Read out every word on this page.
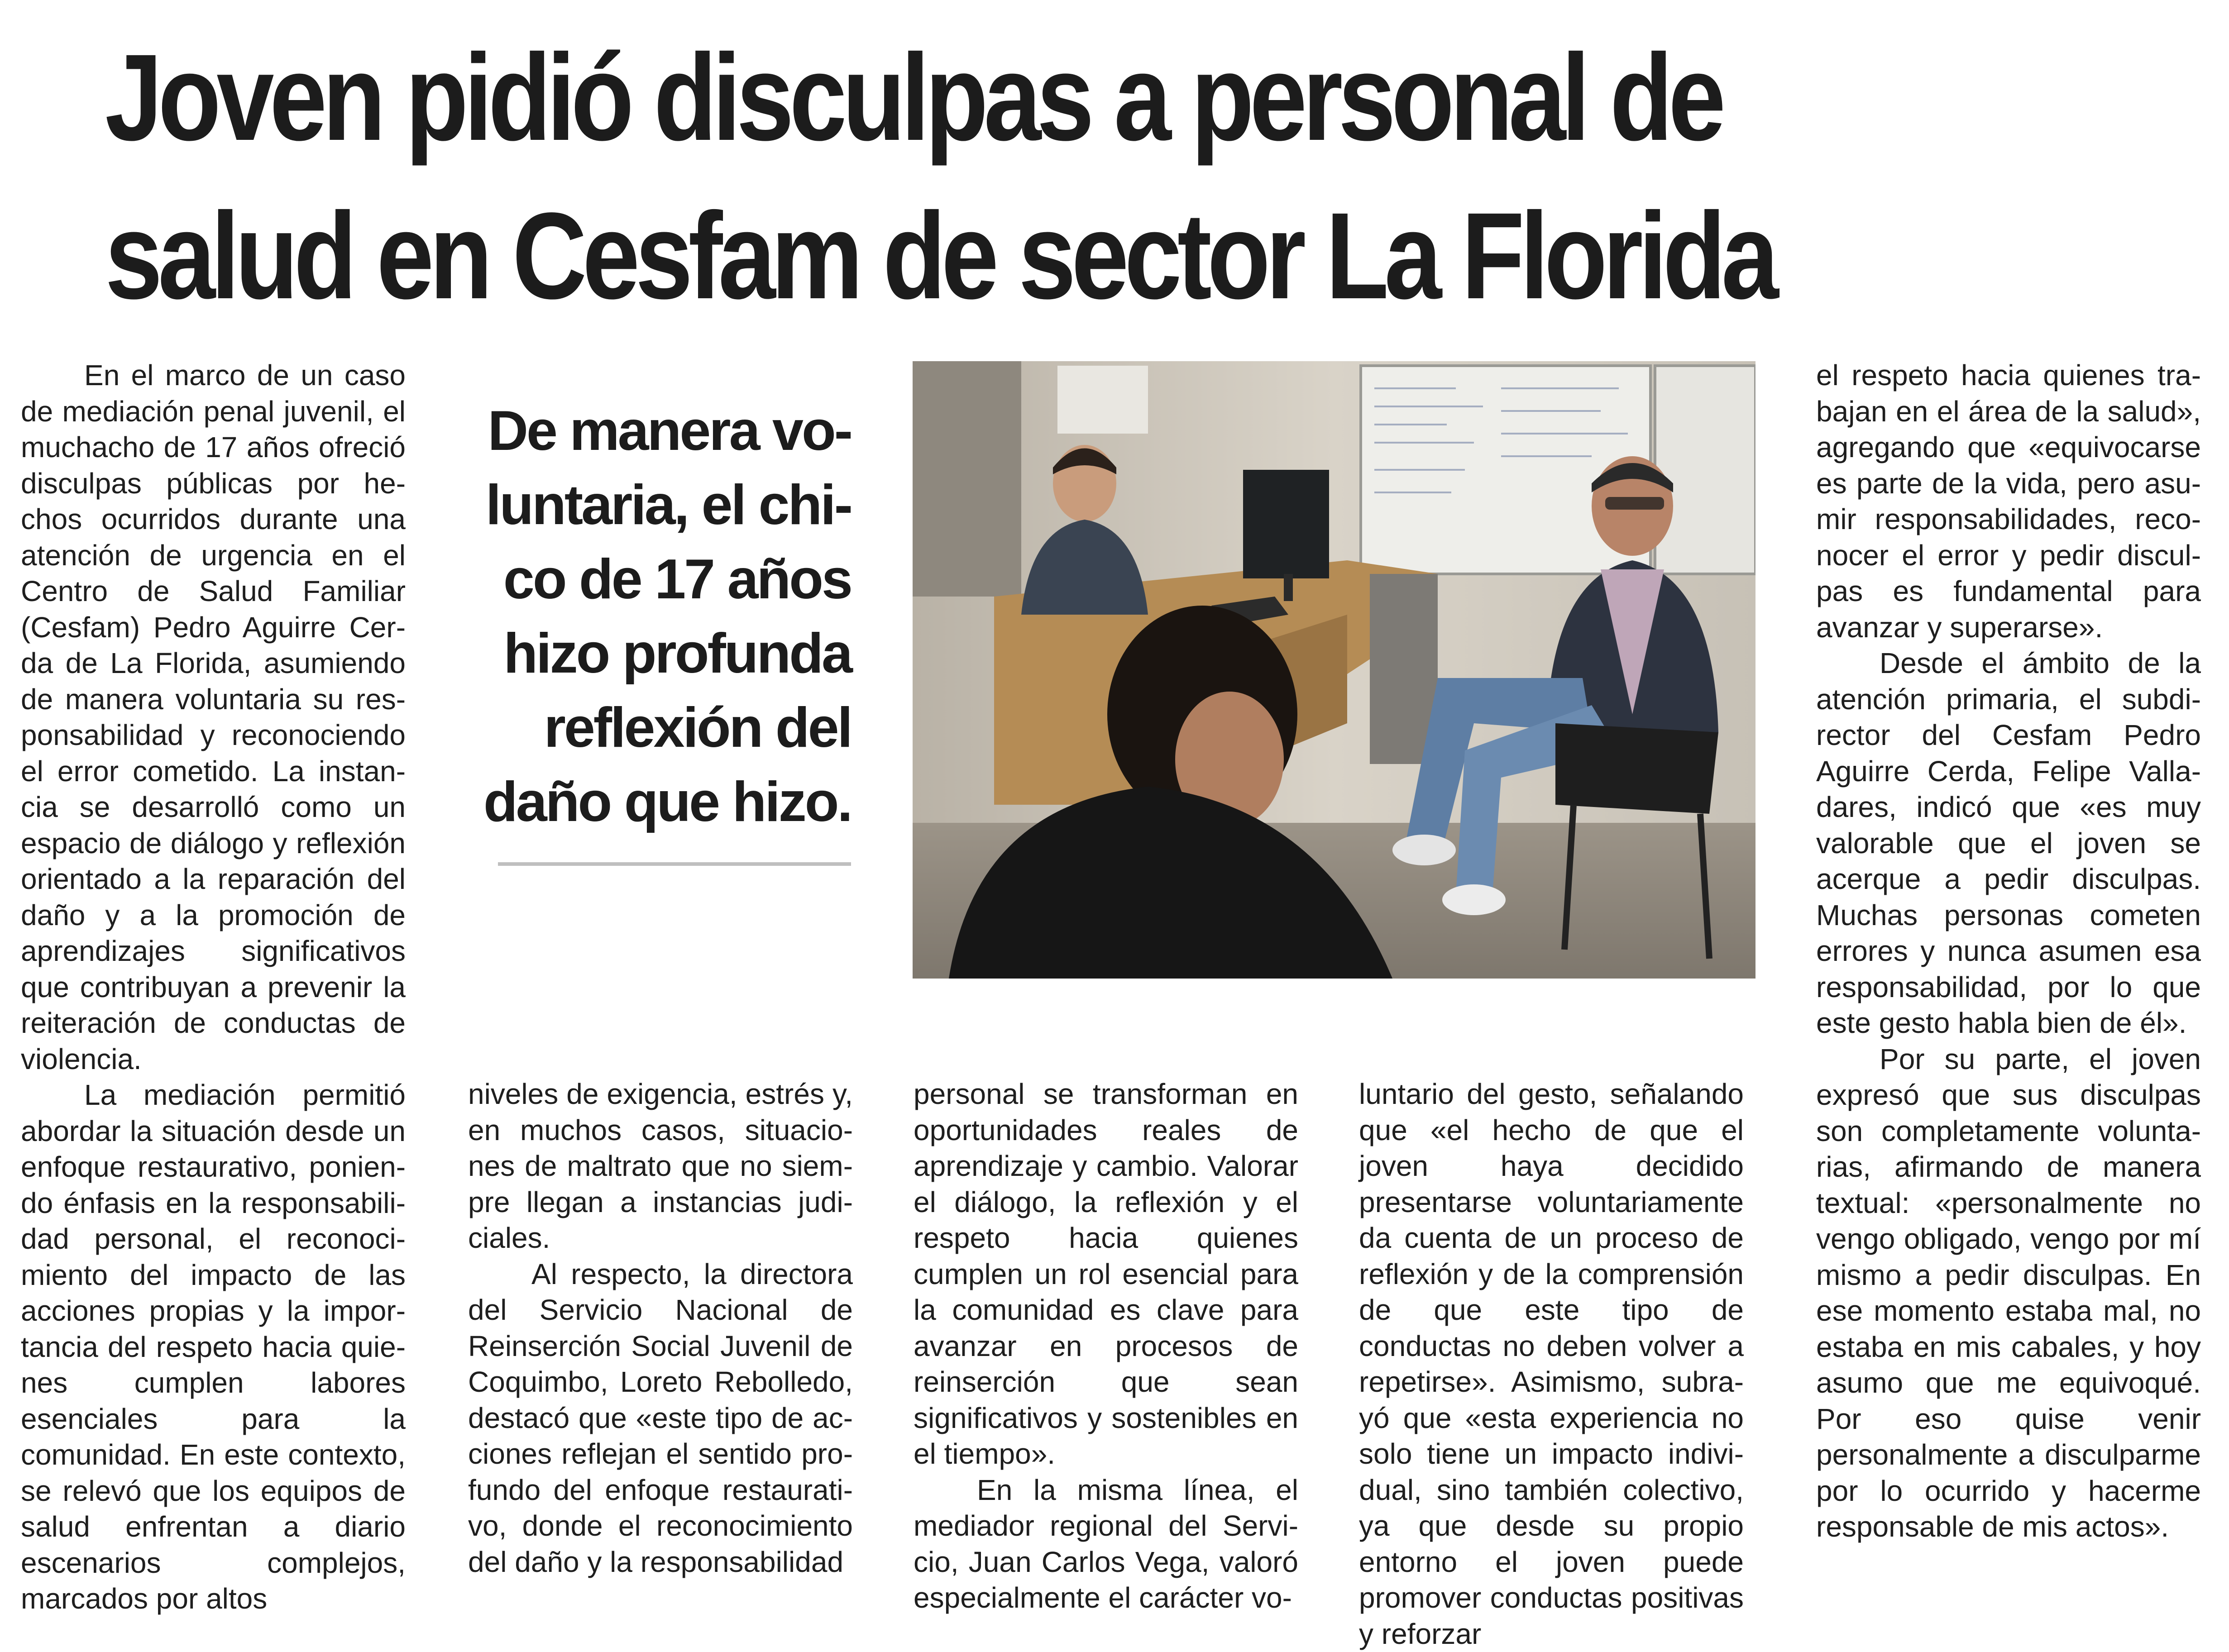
Joven pidió disculpas a personal de
salud en Cesfam de sector La Florida

En el marco de un caso de mediación penal juvenil, el muchacho de 17 años ofreció disculpas públicas por hechos ocurridos durante una atención de urgencia en el Centro de Salud Familiar (Cesfam) Pedro Aguirre Cerda de La Florida, asumiendo de manera voluntaria su responsabilidad y reconociendo el error cometido. La instancia se desarrolló como un espacio de diálogo y reflexión orientado a la reparación del daño y a la promoción de aprendizajes significativos que contribuyan a prevenir la reiteración de conductas de violencia.

La mediación permitió abordar la situación desde un enfoque restaurativo, poniendo énfasis en la responsabilidad personal, el reconocimiento del impacto de las acciones propias y la importancia del respeto hacia quienes cumplen labores esenciales para la comunidad. En este contexto, se relevó que los equipos de salud enfrentan a diario escenarios complejos, marcados por altos

De manera vo-
luntaria, el chi-
co de 17 años
hizo profunda
reflexión del
daño que hizo.

niveles de exigencia, estrés y, en muchos casos, situaciones de maltrato que no siempre llegan a instancias judiciales.

Al respecto, la directora del Servicio Nacional de Reinserción Social Juvenil de Coquimbo, Loreto Rebolledo, destacó que «este tipo de acciones reflejan el sentido profundo del enfoque restaurativo, donde el reconocimiento del daño y la responsabilidad

personal se transforman en oportunidades reales de aprendizaje y cambio. Valorar el diálogo, la reflexión y el respeto hacia quienes cumplen un rol esencial para la comunidad es clave para avanzar en procesos de reinserción que sean significativos y sostenibles en el tiempo».

En la misma línea, el mediador regional del Servicio, Juan Carlos Vega, valoró especialmente el carácter vo-

luntario del gesto, señalando que «el hecho de que el joven haya decidido presentarse voluntariamente da cuenta de un proceso de reflexión y de la comprensión de que este tipo de conductas no deben volver a repetirse». Asimismo, subrayó que «esta experiencia no solo tiene un impacto individual, sino también colectivo, ya que desde su propio entorno el joven puede promover conductas positivas y reforzar

el respeto hacia quienes trabajan en el área de la salud», agregando que «equivocarse es parte de la vida, pero asumir responsabilidades, reconocer el error y pedir disculpas es fundamental para avanzar y superarse».

Desde el ámbito de la atención primaria, el subdirector del Cesfam Pedro Aguirre Cerda, Felipe Valladares, indicó que «es muy valorable que el joven se acerque a pedir disculpas. Muchas personas cometen errores y nunca asumen esa responsabilidad, por lo que este gesto habla bien de él».

Por su parte, el joven expresó que sus disculpas son completamente voluntarias, afirmando de manera textual: «personalmente no vengo obligado, vengo por mí mismo a pedir disculpas. En ese momento estaba mal, no estaba en mis cabales, y hoy asumo que me equivoqué. Por eso quise venir personalmente a disculparme por lo ocurrido y hacerme responsable de mis actos».
